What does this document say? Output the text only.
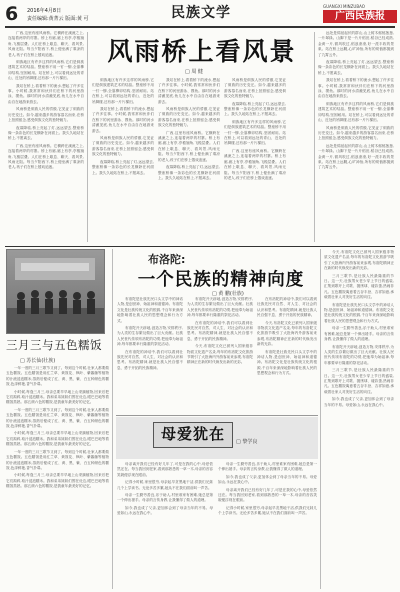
6 2016年4月8日
责任编辑:黄菁云 版面:黄 可	民族文学	GUANGXI MINZUBAO
广西民族报
风雨桥上看风景
□ 周 健

广西,这里有座风雨桥。它横跨在溪流之上,连接着两岸的村寨。桥上有廊,廊上有亭,亭檐翘角,飞檐层叠。人们在桥上歇息、聊天、看风景,风雨无阻。每当夕阳西下,桥上便坐满了乘凉的老人,孩子们在桥上嬉戏追逐。

侗族地区有许多这样的风雨桥,它们是侗族建筑艺术的结晶。整座桥不用一钉一铆,全靠榫卯结构,坚固耐用。站在桥上,可以看到远处的青山、近处的吊脚楼,还有那一片片梯田。

我站在桥上,看着桥下的流水,想起了许多往事。小时候,我常常和伙伴们在桥下的河里游泳、摸鱼。那时的河水清澈见底,鱼儿在水中自由自在地游来游去。

风雨桥是侗族人民的骄傲,它见证了侗族的历史变迁。如今,越来越多的游客慕名而来,在桥上拍照留念,感受侗族文化的独特魅力。

夜幕降临,桥上亮起了灯,远远望去,整座桥像一条彩色的长龙横卧在河面上。我久久地站在桥上,不愿离去。

广西,这里有座风雨桥。它横跨在溪流之上,连接着两岸的村寨。桥上有廊,廊上有亭,亭檐翘角,飞檐层叠。人们在桥上歇息、聊天、看风景,风雨无阻。每当夕阳西下,桥上便坐满了乘凉的老人,孩子们在桥上嬉戏追逐。

侗族地区有许多这样的风雨桥,它们是侗族建筑艺术的结晶。整座桥不用一钉一铆,全靠榫卯结构,坚固耐用。站在桥上,可以看到远处的青山、近处的吊脚楼,还有那一片片梯田。

我站在桥上,看着桥下的流水,想起了许多往事。小时候,我常常和伙伴们在桥下的河里游泳、摸鱼。那时的河水清澈见底,鱼儿在水中自由自在地游来游去。

风雨桥是侗族人民的骄傲,它见证了侗族的历史变迁。如今,越来越多的游客慕名而来,在桥上拍照留念,感受侗族文化的独特魅力。

夜幕降临,桥上亮起了灯,远远望去,整座桥像一条彩色的长龙横卧在河面上。我久久地站在桥上,不愿离去。

我站在桥上,看着桥下的流水,想起了许多往事。小时候,我常常和伙伴们在桥下的河里游泳、摸鱼。那时的河水清澈见底,鱼儿在水中自由自在地游来游去。

风雨桥是侗族人民的骄傲,它见证了侗族的历史变迁。如今,越来越多的游客慕名而来,在桥上拍照留念,感受侗族文化的独特魅力。

广西,这里有座风雨桥。它横跨在溪流之上,连接着两岸的村寨。桥上有廊,廊上有亭,亭檐翘角,飞檐层叠。人们在桥上歇息、聊天、看风景,风雨无阻。每当夕阳西下,桥上便坐满了乘凉的老人,孩子们在桥上嬉戏追逐。

夜幕降临,桥上亮起了灯,远远望去,整座桥像一条彩色的长龙横卧在河面上。我久久地站在桥上,不愿离去。

风雨桥是侗族人民的骄傲,它见证了侗族的历史变迁。如今,越来越多的游客慕名而来,在桥上拍照留念,感受侗族文化的独特魅力。

夜幕降临,桥上亮起了灯,远远望去,整座桥像一条彩色的长龙横卧在河面上。我久久地站在桥上,不愿离去。

侗族地区有许多这样的风雨桥,它们是侗族建筑艺术的结晶。整座桥不用一钉一铆,全靠榫卯结构,坚固耐用。站在桥上,可以看到远处的青山、近处的吊脚楼,还有那一片片梯田。

广西,这里有座风雨桥。它横跨在溪流之上,连接着两岸的村寨。桥上有廊,廊上有亭,亭檐翘角,飞檐层叠。人们在桥上歇息、聊天、看风景,风雨无阻。每当夕阳西下,桥上便坐满了乘凉的老人,孩子们在桥上嬉戏追逐。

远处是绵延起伏的群山,山上树木郁郁葱葱,一片翠绿。山脚下是一片片稻田,稻谷已经成熟,金黄一片,微风吹过,稻浪滚滚,好一派丰收的景象。站在桥上远眺,心旷神怡,所有的烦恼都抛到了九霄云外。

夜幕降临,桥上亮起了灯,远远望去,整座桥像一条彩色的长龙横卧在河面上。我久久地站在桥上,不愿离去。

我站在桥上,看着桥下的流水,想起了许多往事。小时候,我常常和伙伴们在桥下的河里游泳、摸鱼。那时的河水清澈见底,鱼儿在水中自由自在地游来游去。

侗族地区有许多这样的风雨桥,它们是侗族建筑艺术的结晶。整座桥不用一钉一铆,全靠榫卯结构,坚固耐用。站在桥上,可以看到远处的青山、近处的吊脚楼,还有那一片片梯田。

风雨桥是侗族人民的骄傲,它见证了侗族的历史变迁。如今,越来越多的游客慕名而来,在桥上拍照留念,感受侗族文化的独特魅力。

远处是绵延起伏的群山,山上树木郁郁葱葱,一片翠绿。山脚下是一片片稻田,稻谷已经成熟,金黄一片,微风吹过,稻浪滚滚,好一派丰收的景象。站在桥上远眺,心旷神怡,所有的烦恼都抛到了九霄云外。

三月三与五色糯饭
□ 苏长仙(壮族)

一年一度的三月三歌节又到了。每到这个时候,壮家人都要做五色糯饭。五色糯饭是用红兰草、黄饭花、枫叶、紫蕃藤等植物的汁液浸泡糯米,蒸熟后便成了红、黄、黑、紫、白五种颜色的糯饭,色泽鲜艳,香气扑鼻。

小时候,每逢三月三,母亲总要早早地上山采摘植物,回来后把它们捣碎,取汁浸泡糯米。我和弟弟妹妹们围在灶边,眼巴巴地等着糯饭蒸熟。那五颜六色的糯饭,是我童年最美好的记忆。

一年一度的三月三歌节又到了。每到这个时候,壮家人都要做五色糯饭。五色糯饭是用红兰草、黄饭花、枫叶、紫蕃藤等植物的汁液浸泡糯米,蒸熟后便成了红、黄、黑、紫、白五种颜色的糯饭,色泽鲜艳,香气扑鼻。

小时候,每逢三月三,母亲总要早早地上山采摘植物,回来后把它们捣碎,取汁浸泡糯米。我和弟弟妹妹们围在灶边,眼巴巴地等着糯饭蒸熟。那五颜六色的糯饭,是我童年最美好的记忆。

一年一度的三月三歌节又到了。每到这个时候,壮家人都要做五色糯饭。五色糯饭是用红兰草、黄饭花、枫叶、紫蕃藤等植物的汁液浸泡糯米,蒸熟后便成了红、黄、黑、紫、白五种颜色的糯饭,色泽鲜艳,香气扑鼻。

小时候,每逢三月三,母亲总要早早地上山采摘植物,回来后把它们捣碎,取汁浸泡糯米。我和弟弟妹妹们围在灶边,眼巴巴地等着糯饭蒸熟。那五颜六色的糯饭,是我童年最美好的记忆。

布洛陀:
一个民族的精神向度
□ 黄 鹏(壮族)

布洛陀是壮族先民口头文学中的神话人物,是创世神、始祖神和道德神。布洛陀文化是壮族传统文化的根源,千百年来深深地影响着壮族人民的思想观念和行为方式。

布洛陀开天辟地,创造万物,安排秩序,为人类的生存繁衍做出了巨大贡献。壮族人民世代传颂布洛陀的功绩,把他奉为始祖神,每年都要举行隆重的祭祀活动。

在布洛陀的神话中,我们可以看到壮族先民对自然、对人生、对社会的认识和思考。布洛陀精神,就是壮族人民自强不息、勇于开拓的民族精神。

布洛陀开天辟地,创造万物,安排秩序,为人类的生存繁衍做出了巨大贡献。壮族人民世代传颂布洛陀的功绩,把他奉为始祖神,每年都要举行隆重的祭祀活动。

在布洛陀的神话中,我们可以看到壮族先民对自然、对人生、对社会的认识和思考。布洛陀精神,就是壮族人民自强不息、勇于开拓的民族精神。

今天,布洛陀文化已被列入国家级非物质文化遗产名录,每年的布洛陀文化旅游节吸引了大批海内外游客前来参观,布洛陀精神正在新的时代焕发出新的光彩。

在布洛陀的神话中,我们可以看到壮族先民对自然、对人生、对社会的认识和思考。布洛陀精神,就是壮族人民自强不息、勇于开拓的民族精神。

今天,布洛陀文化已被列入国家级非物质文化遗产名录,每年的布洛陀文化旅游节吸引了大批海内外游客前来参观,布洛陀精神正在新的时代焕发出新的光彩。

布洛陀是壮族先民口头文学中的神话人物,是创世神、始祖神和道德神。布洛陀文化是壮族传统文化的根源,千百年来深深地影响着壮族人民的思想观念和行为方式。

今天,布洛陀文化已被列入国家级非物质文化遗产名录,每年的布洛陀文化旅游节吸引了大批海内外游客前来参观,布洛陀精神正在新的时代焕发出新的光彩。

三月三歌节,是壮族人民最隆重的节日。这一天,壮族男女老少穿上节日的盛装,汇集到歌圩上对歌、抛绣球、碰彩蛋,热闹非凡。五色糯饭寓意着五谷丰登、吉祥如意,承载着壮家人对美好生活的向往。

布洛陀是壮族先民口头文学中的神话人物,是创世神、始祖神和道德神。布洛陀文化是壮族传统文化的根源,千百年来深深地影响着壮族人民的思想观念和行为方式。

母亲一生勤劳善良,乐于助人,村里谁家有困难,她总是第一个伸出援手。母亲的言传身教,让我懂得了做人的道理。

布洛陀开天辟地,创造万物,安排秩序,为人类的生存繁衍做出了巨大贡献。壮族人民世代传颂布洛陀的功绩,把他奉为始祖神,每年都要举行隆重的祭祀活动。

三月三歌节,是壮族人民最隆重的节日。这一天,壮族男女老少穿上节日的盛装,汇集到歌圩上对歌、抛绣球、碰彩蛋,热闹非凡。五色糯饭寓意着五谷丰登、吉祥如意,承载着壮家人对美好生活的向往。

如今,我也成了父亲,更加体会到了母亲当年的不易。母爱如山,永远在我心中。

母爱犹在	□ 黎学良

母亲离开我们已经有好几年了,可是在我的心中,母爱依然还在。每当我回到老家,看到那熟悉的一草一木,母亲的音容笑貌便浮现在眼前。

记得小时候,家里很穷,母亲起早贪黑地干活,供我们兄妹几个上学读书。无论多苦多累,她从不在我们面前叫一声苦。

母亲一生勤劳善良,乐于助人,村里谁家有困难,她总是第一个伸出援手。母亲的言传身教,让我懂得了做人的道理。

如今,我也成了父亲,更加体会到了母亲当年的不易。母爱如山,永远在我心中。

母亲一生勤劳善良,乐于助人,村里谁家有困难,她总是第一个伸出援手。母亲的言传身教,让我懂得了做人的道理。

如今,我也成了父亲,更加体会到了母亲当年的不易。母爱如山,永远在我心中。

母亲离开我们已经有好几年了,可是在我的心中,母爱依然还在。每当我回到老家,看到那熟悉的一草一木,母亲的音容笑貌便浮现在眼前。

记得小时候,家里很穷,母亲起早贪黑地干活,供我们兄妹几个上学读书。无论多苦多累,她从不在我们面前叫一声苦。
